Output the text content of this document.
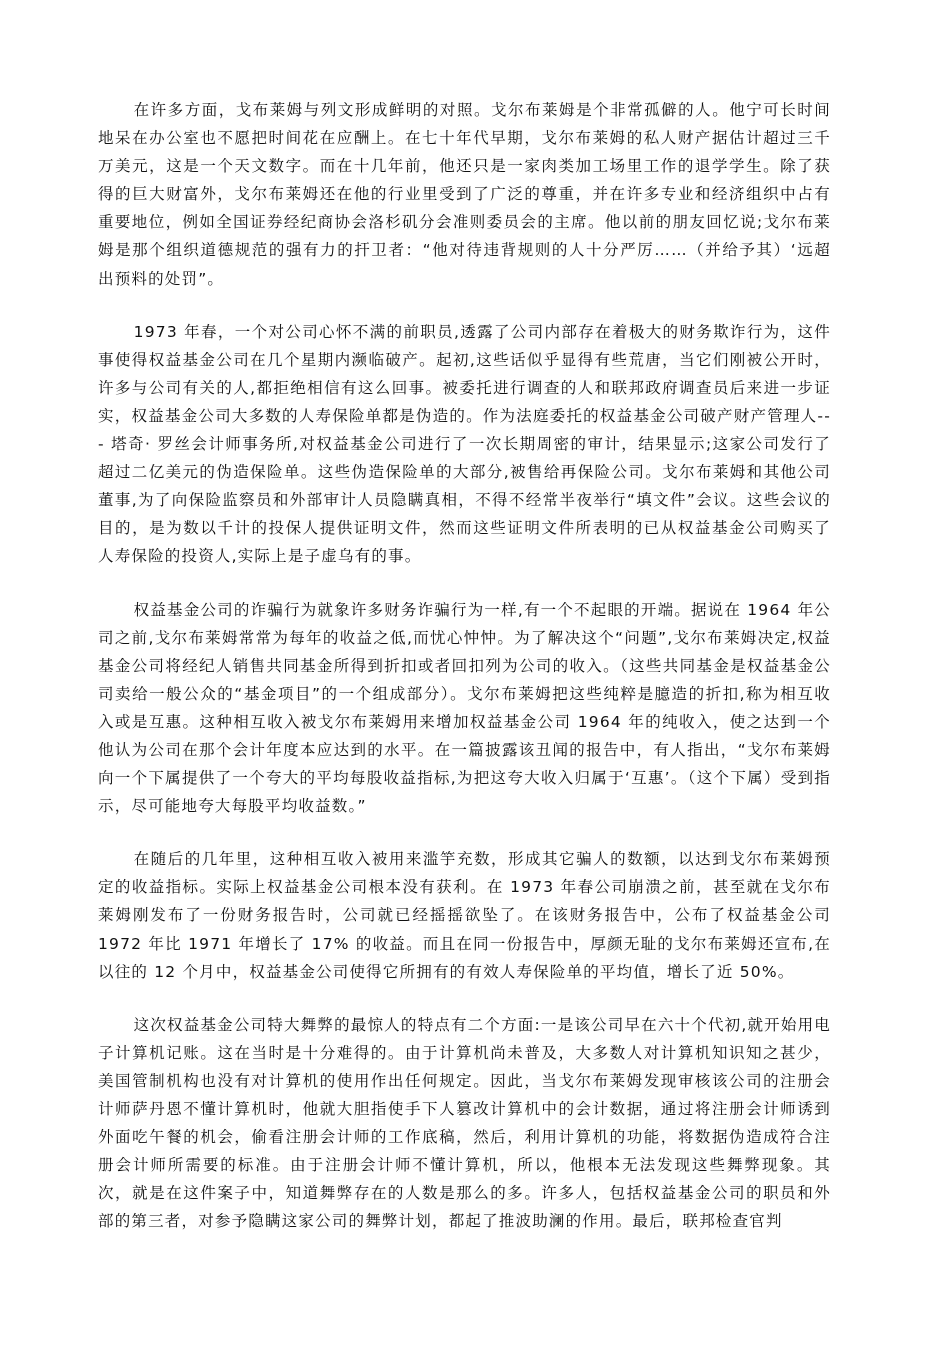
在许多方面，戈布莱姆与列文形成鲜明的对照。戈尔布莱姆是个非常孤僻的人。他宁可长时间地呆在办公室也不愿把时间花在应酬上。在七十年代早期，戈尔布莱姆的私人财产据估计超过三千万美元，这是一个天文数字。而在十几年前，他还只是一家肉类加工场里工作的退学学生。除了获得的巨大财富外，戈尔布莱姆还在他的行业里受到了广泛的尊重，并在许多专业和经济组织中占有重要地位，例如全国证券经纪商协会洛杉矶分会准则委员会的主席。他以前的朋友回忆说;戈尔布莱姆是那个组织道德规范的强有力的扞卫者：“他对待违背规则的人十分严厉……（并给予其）‘远超出预料的处罚”。

1973 年春，一个对公司心怀不满的前职员,透露了公司内部存在着极大的财务欺诈行为，这件事使得权益基金公司在几个星期内濒临破产。起初,这些话似乎显得有些荒唐，当它们刚被公开时，许多与公司有关的人,都拒绝相信有这么回事。被委托进行调查的人和联邦政府调查员后来进一步证实，权益基金公司大多数的人寿保险单都是伪造的。作为法庭委托的权益基金公司破产财产管理人--- 塔奇· 罗丝会计师事务所,对权益基金公司进行了一次长期周密的审计，结果显示;这家公司发行了超过二亿美元的伪造保险单。这些伪造保险单的大部分,被售给再保险公司。戈尔布莱姆和其他公司董事,为了向保险监察员和外部审计人员隐瞒真相，不得不经常半夜举行“填文件”会议。这些会议的目的，是为数以千计的投保人提供证明文件，然而这些证明文件所表明的已从权益基金公司购买了人寿保险的投资人,实际上是子虚乌有的事。

权益基金公司的诈骗行为就象许多财务诈骗行为一样,有一个不起眼的开端。据说在 1964 年公司之前,戈尔布莱姆常常为每年的收益之低,而忧心忡忡。为了解决这个“问题”,戈尔布莱姆决定,权益基金公司将经纪人销售共同基金所得到折扣或者回扣列为公司的收入。（这些共同基金是权益基金公司卖给一般公众的“基金项目”的一个组成部分）。戈尔布莱姆把这些纯粹是臆造的折扣,称为相互收入或是互惠。这种相互收入被戈尔布莱姆用来增加权益基金公司 1964 年的纯收入，使之达到一个他认为公司在那个会计年度本应达到的水平。在一篇披露该丑闻的报告中，有人指出，“戈尔布莱姆向一个下属提供了一个夸大的平均每股收益指标,为把这夸大收入归属于‘互惠’。（这个下属）受到指示，尽可能地夸大每股平均收益数。”

在随后的几年里，这种相互收入被用来滥竽充数，形成其它骗人的数额，以达到戈尔布莱姆预定的收益指标。实际上权益基金公司根本没有获利。在 1973 年春公司崩溃之前，甚至就在戈尔布莱姆刚发布了一份财务报告时，公司就已经摇摇欲坠了。在该财务报告中，公布了权益基金公司 1972 年比 1971 年增长了 17% 的收益。而且在同一份报告中，厚颜无耻的戈尔布莱姆还宣布,在以往的 12 个月中，权益基金公司使得它所拥有的有效人寿保险单的平均值，增长了近 50%。

这次权益基金公司特大舞弊的最惊人的特点有二个方面:一是该公司早在六十个代初,就开始用电子计算机记账。这在当时是十分难得的。由于计算机尚未普及，大多数人对计算机知识知之甚少，美国管制机构也没有对计算机的使用作出任何规定。因此，当戈尔布莱姆发现审核该公司的注册会计师萨丹恩不懂计算机时，他就大胆指使手下人篡改计算机中的会计数据，通过将注册会计师诱到外面吃午餐的机会，偷看注册会计师的工作底稿，然后，利用计算机的功能，将数据伪造成符合注册会计师所需要的标准。由于注册会计师不懂计算机，所以，他根本无法发现这些舞弊现象。其次，就是在这件案子中，知道舞弊存在的人数是那么的多。许多人，包括权益基金公司的职员和外部的第三者，对参予隐瞒这家公司的舞弊计划，都起了推波助澜的作用。最后，联邦检查官判
